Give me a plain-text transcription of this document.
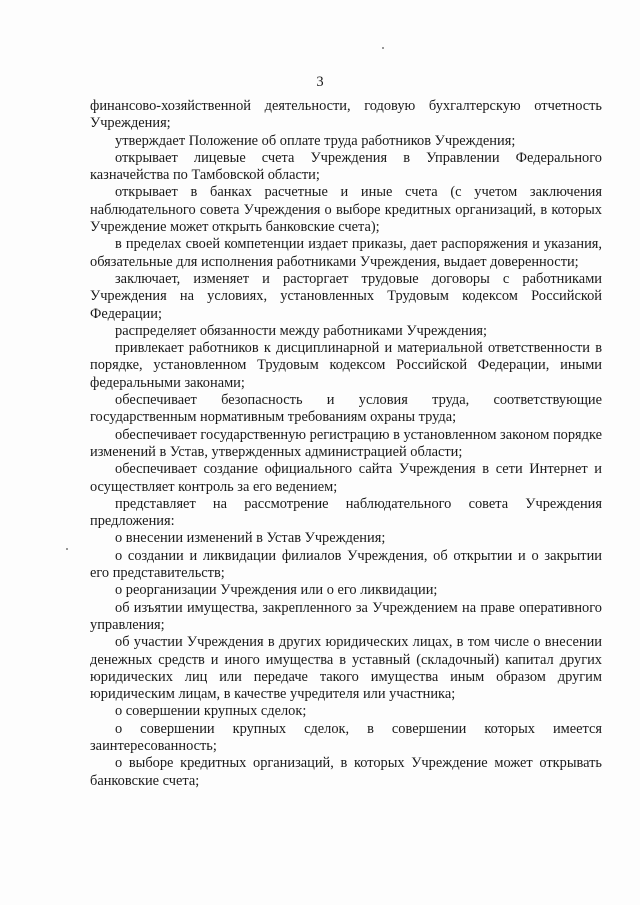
3

финансово-хозяйственной деятельности, годовую бухгалтерскую отчетность Учреждения;

утверждает Положение об оплате труда работников Учреждения;

открывает лицевые счета Учреждения в Управлении Федерального казначейства по Тамбовской области;

открывает в банках расчетные и иные счета (с учетом заключения наблюдательного совета Учреждения о выборе кредитных организаций, в которых Учреждение может открыть банковские счета);

в пределах своей компетенции издает приказы, дает распоряжения и указания, обязательные для исполнения работниками Учреждения, выдает доверенности;

заключает, изменяет и расторгает трудовые договоры с работниками Учреждения на условиях, установленных Трудовым кодексом Российской Федерации;

распределяет обязанности между работниками Учреждения;

привлекает работников к дисциплинарной и материальной ответственности в порядке, установленном Трудовым кодексом Российской Федерации, иными федеральными законами;

обеспечивает безопасность и условия труда, соответствующие государственным нормативным требованиям охраны труда;

обеспечивает государственную регистрацию в установленном законом порядке изменений в Устав, утвержденных администрацией области;

обеспечивает создание официального сайта Учреждения в сети Интернет и осуществляет контроль за его ведением;

представляет на рассмотрение наблюдательного совета Учреждения предложения:

о внесении изменений в Устав Учреждения;

о создании и ликвидации филиалов Учреждения, об открытии и о закрытии его представительств;

о реорганизации Учреждения или о его ликвидации;

об изъятии имущества, закрепленного за Учреждением на праве оперативного управления;

об участии Учреждения в других юридических лицах, в том числе о внесении денежных средств и иного имущества в уставный (складочный) капитал других юридических лиц или передаче такого имущества иным образом другим юридическим лицам, в качестве учредителя или участника;

о совершении крупных сделок;

о совершении крупных сделок, в совершении которых имеется заинтересованность;

о выборе кредитных организаций, в которых Учреждение может открывать банковские счета;
